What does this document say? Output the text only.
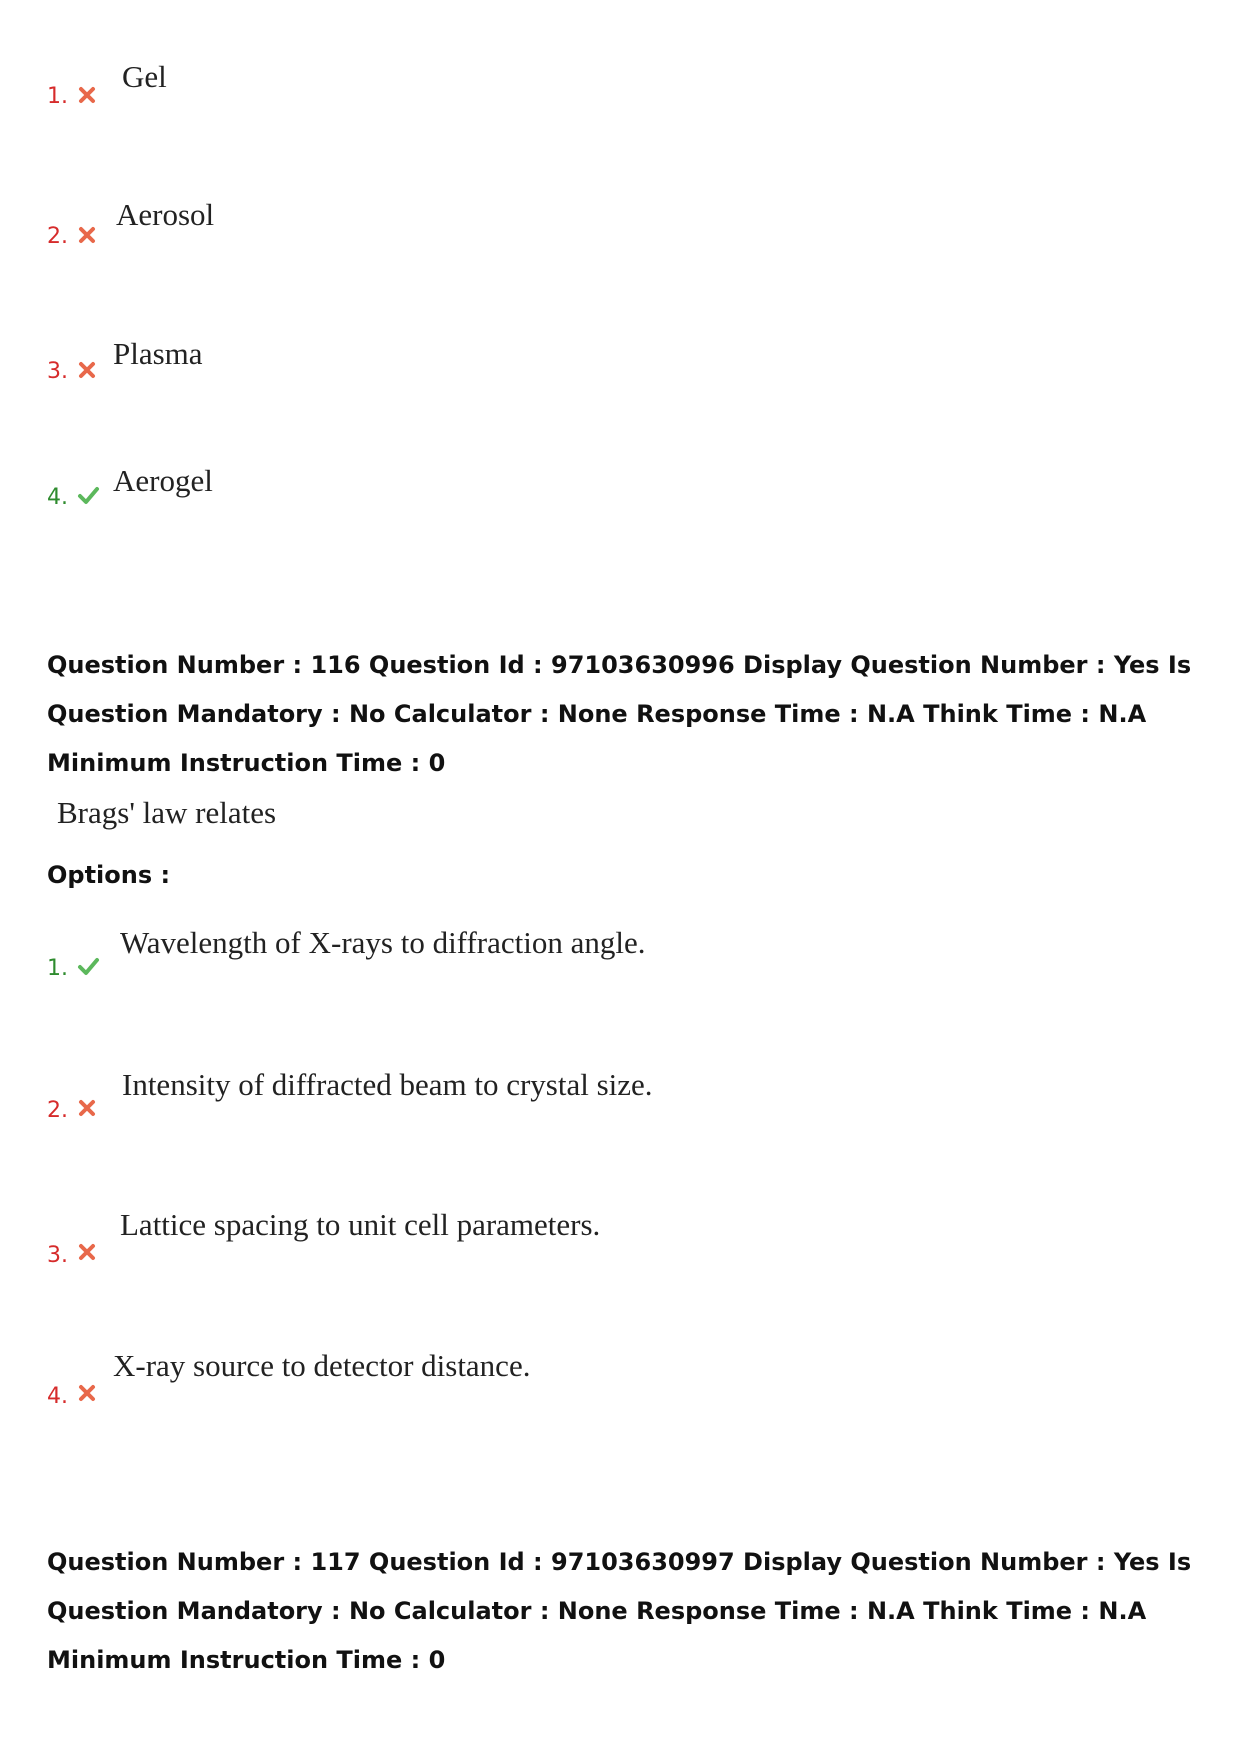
1.
Gel
2.
Aerosol
3.
Plasma
4. Aerogel
Question Number : 116 Question Id : 97103630996 Display Question Number : Yes Is Question Mandatory : No Calculator : None Response Time : N.A Think Time : N.A Minimum Instruction Time : 0
Brags' law relates
Options :
1.
Wavelength of X-rays to diffraction angle.
2.
Intensity of diffracted beam to crystal size.
3.
Lattice spacing to unit cell parameters.
4.
X-ray source to detector distance.
Question Number : 117 Question Id : 97103630997 Display Question Number : Yes Is Question Mandatory : No Calculator : None Response Time : N.A Think Time : N.A Minimum Instruction Time : 0
